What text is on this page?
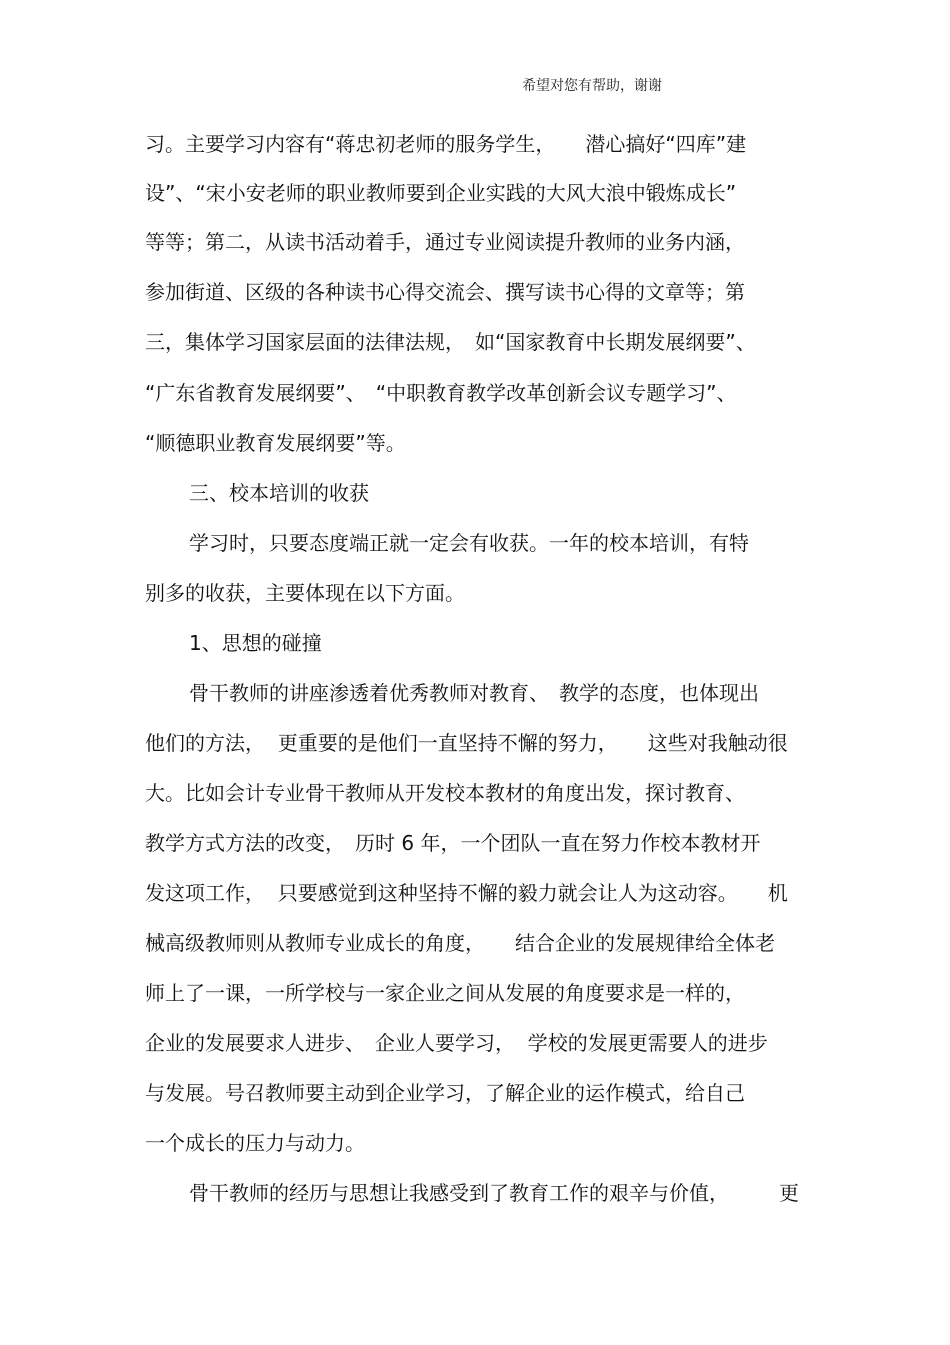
希望对您有帮助，谢谢
习。主要学习内容有“蒋忠初老师的服务学生，　　潜心搞好“四库”建
设”、“宋小安老师的职业教师要到企业实践的大风大浪中锻炼成长”
等等；第二，从读书活动着手，通过专业阅读提升教师的业务内涵，
参加街道、区级的各种读书心得交流会、撰写读书心得的文章等；第
三，集体学习国家层面的法律法规，　如“国家教育中长期发展纲要”、
“广东省教育发展纲要”、　“中职教育教学改革创新会议专题学习”、
“顺德职业教育发展纲要”等。
三、校本培训的收获
学习时，只要态度端正就一定会有收获。一年的校本培训，有特
别多的收获，主要体现在以下方面。
1、思想的碰撞
骨干教师的讲座渗透着优秀教师对教育、　教学的态度，也体现出
他们的方法，  更重要的是他们一直坚持不懈的努力，　　这些对我触动很
大。比如会计专业骨干教师从开发校本教材的角度出发，探讨教育、
教学方式方法的改变，　历时 6 年，一个团队一直在努力作校本教材开
发这项工作，  只要感觉到这种坚持不懈的毅力就会让人为这动容。　　机
械高级教师则从教师专业成长的角度，　　结合企业的发展规律给全体老
师上了一课，一所学校与一家企业之间从发展的角度要求是一样的，
企业的发展要求人进步、　企业人要学习，  学校的发展更需要人的进步
与发展。号召教师要主动到企业学习，了解企业的运作模式，给自己
一个成长的压力与动力。
骨干教师的经历与思想让我感受到了教育工作的艰辛与价值，　　　更
